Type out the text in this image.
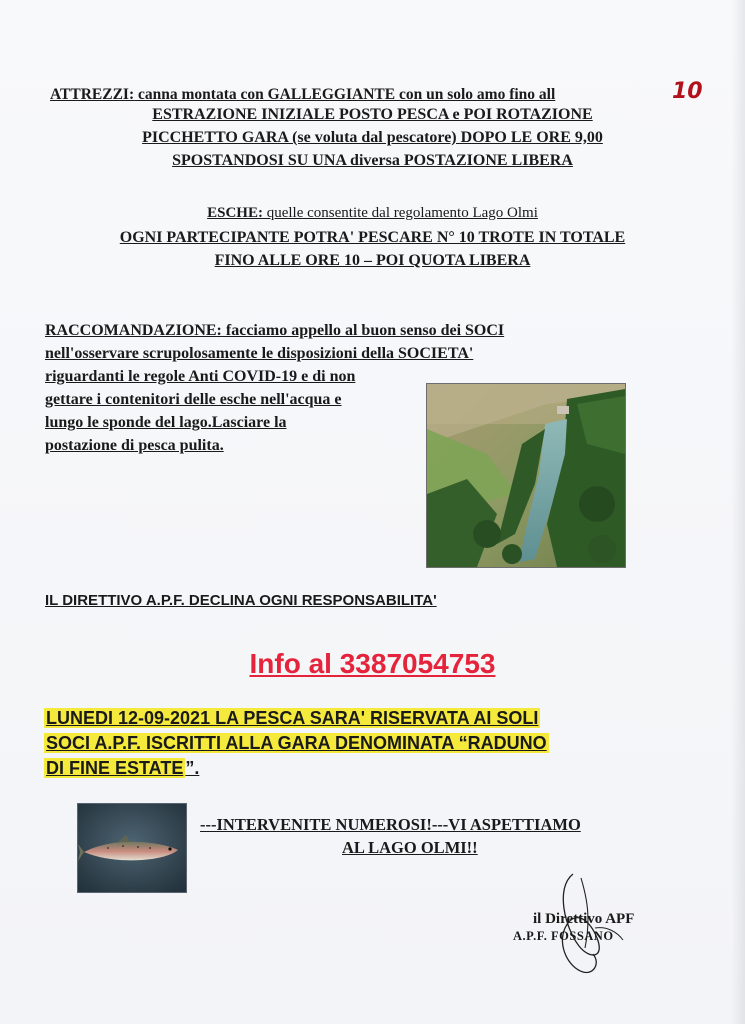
ATTREZZI: canna montata con GALLEGGIANTE con un solo amo fino all	10
ESTRAZIONE INIZIALE POSTO PESCA e POI ROTAZIONE
PICCHETTO GARA (se voluta dal pescatore) DOPO LE ORE 9,00
SPOSTANDOSI SU UNA diversa POSTAZIONE LIBERA
ESCHE: quelle consentite dal regolamento Lago Olmi
OGNI PARTECIPANTE POTRA' PESCARE N° 10 TROTE IN TOTALE
FINO ALLE ORE 10 – POI QUOTA LIBERA
RACCOMANDAZIONE: facciamo appello al buon senso dei SOCI
nell'osservare scrupolosamente le disposizioni della SOCIETA'
riguardanti le regole Anti COVID-19 e di non
gettare i contenitori delle esche nell'acqua e
lungo le sponde del lago.Lasciare la
postazione di pesca pulita.
IL DIRETTIVO A.P.F. DECLINA OGNI RESPONSABILITA'
Info al 3387054753
LUNEDI 12-09-2021 LA PESCA SARA' RISERVATA AI SOLI
SOCI A.P.F. ISCRITTI ALLA GARA DENOMINATA “RADUNO
DI FINE ESTATE ”.
---INTERVENITE NUMEROSI!---VI ASPETTIAMO
AL LAGO OLMI!!
il Direttivo APF
A.P.F. FOSSANO
